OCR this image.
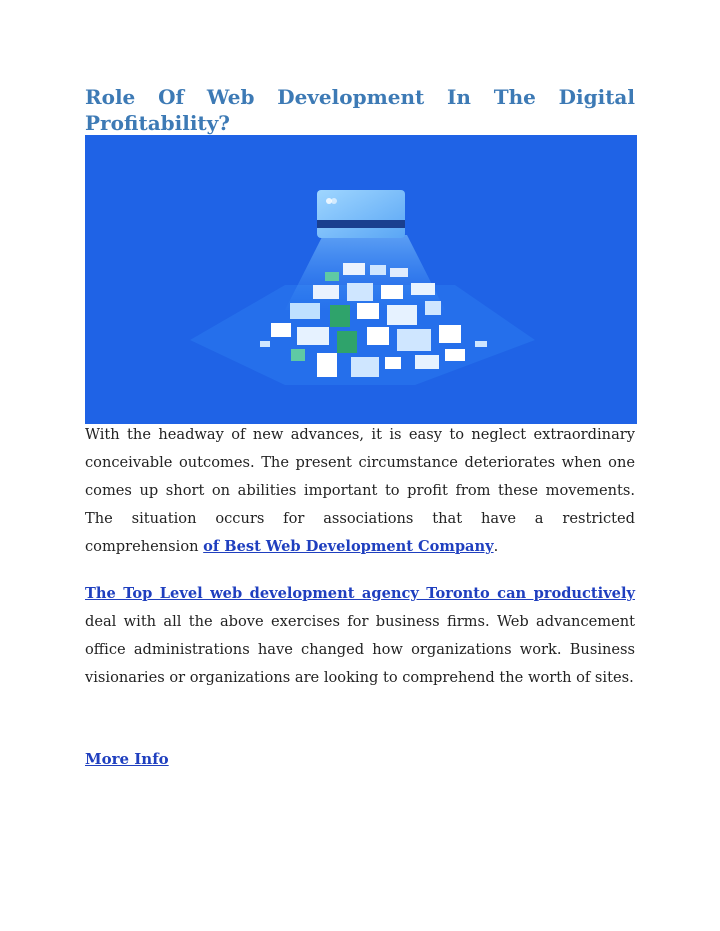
Role Of Web Development In The Digital Profitability?

With the headway of new advances, it is easy to neglect extraordinary conceivable outcomes. The present circumstance deteriorates when one comes up short on abilities important to profit from these movements. The situation occurs for associations that have a restricted comprehension of Best Web Development Company.

The Top Level web development agency Toronto can productively deal with all the above exercises for business firms. Web advancement office administrations have changed how organizations work. Business visionaries or organizations are looking to comprehend the worth of sites.

More Info
